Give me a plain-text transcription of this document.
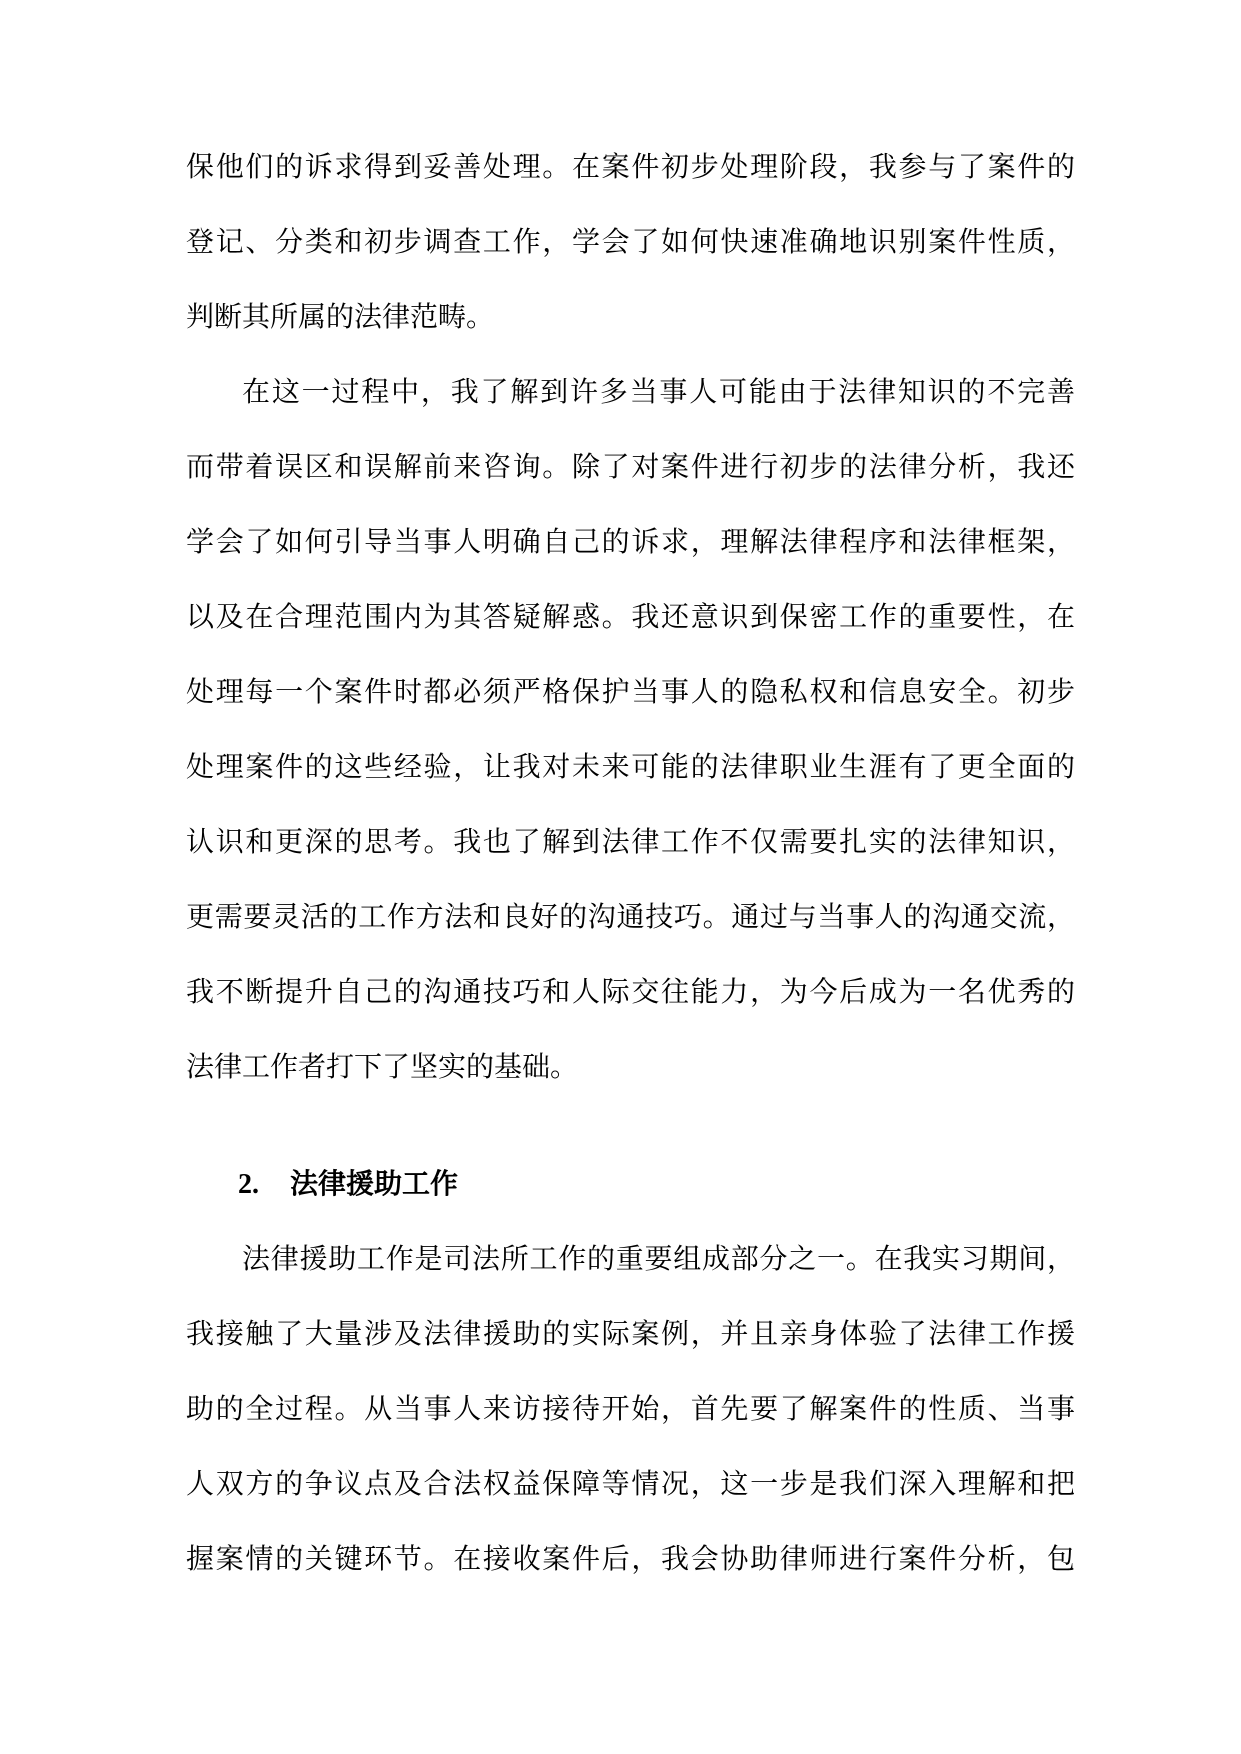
保他们的诉求得到妥善处理。在案件初步处理阶段，我参与了案件的
登记、分类和初步调查工作，学会了如何快速准确地识别案件性质，
判断其所属的法律范畴。
在这一过程中，我了解到许多当事人可能由于法律知识的不完善
而带着误区和误解前来咨询。除了对案件进行初步的法律分析，我还
学会了如何引导当事人明确自己的诉求，理解法律程序和法律框架，
以及在合理范围内为其答疑解惑。我还意识到保密工作的重要性，在
处理每一个案件时都必须严格保护当事人的隐私权和信息安全。初步
处理案件的这些经验，让我对未来可能的法律职业生涯有了更全面的
认识和更深的思考。我也了解到法律工作不仅需要扎实的法律知识，
更需要灵活的工作方法和良好的沟通技巧。通过与当事人的沟通交流，
我不断提升自己的沟通技巧和人际交往能力，为今后成为一名优秀的
法律工作者打下了坚实的基础。
2. 法律援助工作
法律援助工作是司法所工作的重要组成部分之一。在我实习期间，
我接触了大量涉及法律援助的实际案例，并且亲身体验了法律工作援
助的全过程。从当事人来访接待开始，首先要了解案件的性质、当事
人双方的争议点及合法权益保障等情况，这一步是我们深入理解和把
握案情的关键环节。在接收案件后，我会协助律师进行案件分析，包
